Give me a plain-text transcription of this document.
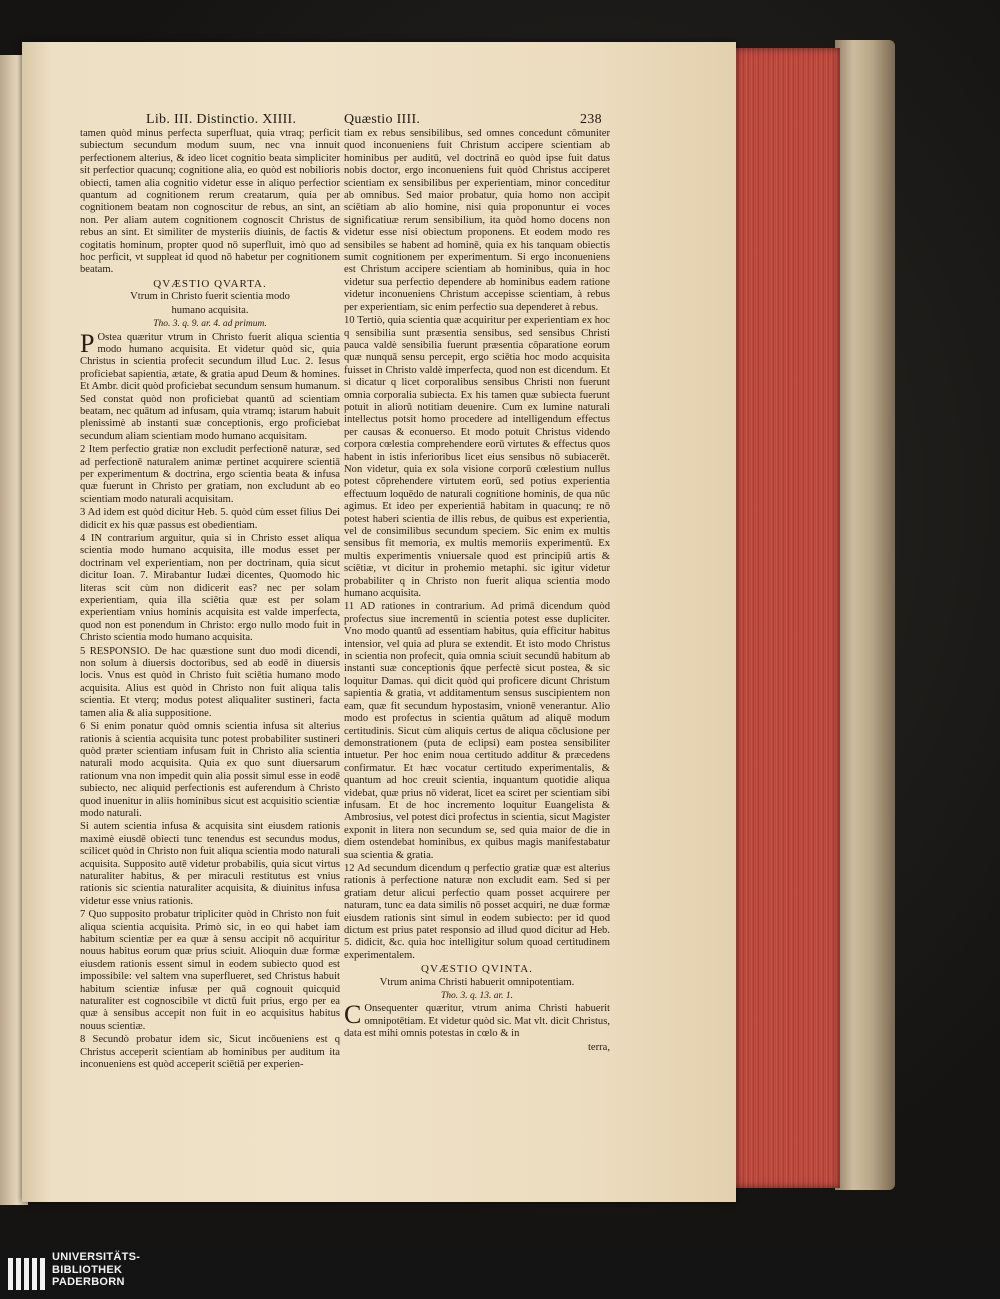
Lib. III. Distinctio. XIIII.	Quæstio IIII.	238

tamen quòd minus perfecta superfluat, quia vtraq; perficit subiectum secundum modum suum, nec vna innuit perfectionem alterius, & ideo licet cognitio beata simpliciter sit perfectior quacunq; cognitione alia, eo quòd est nobilioris obiecti, tamen alia cognitio videtur esse in aliquo perfectior quantum ad cognitionem rerum creatarum, quia per cognitionem beatam non cognoscitur de rebus, an sint, an non. Per aliam autem cognitionem cognoscit Christus de rebus an sint. Et similiter de mysteriis diuinis, de factis & cogitatis hominum, propter quod nō superfluit, imò quo ad hoc perficit, vt suppleat id quod nō habetur per cognitionem beatam.

QVÆSTIO QVARTA.

Vtrum in Christo fuerit scientia modo

humano acquisita.

Tho. 3. q. 9. ar. 4. ad primum.

P Ostea quæritur vtrum in Christo fuerit aliqua scientia modo humano acquisita. Et videtur quòd sic, quia Christus in scientia profecit secundum illud Luc. 2. Iesus proficiebat sapientia, ætate, & gratia apud Deum & homines. Et Ambr. dicit quòd proficiebat secundum sensum humanum. Sed constat quòd non proficiebat quantū ad scientiam beatam, nec quātum ad infusam, quia vtramq; istarum habuit plenissimè ab instanti suæ conceptionis, ergo proficiebat secundum aliam scientiam modo humano acquisitam.

2 Item perfectio gratiæ non excludit perfectionē naturæ, sed ad perfectionē naturalem animæ pertinet acquirere scientiā per experimentum & doctrina, ergo scientia beata & infusa quæ fuerunt in Christo per gratiam, non excludunt ab eo scientiam modo naturali acquisitam.

3 Ad idem est quòd dicitur Heb. 5. quòd cùm esset filius Dei didicit ex his quæ passus est obedientiam.

4 IN contrarium arguitur, quia si in Christo esset aliqua scientia modo humano acquisita, ille modus esset per doctrinam vel experientiam, non per doctrinam, quia sicut dicitur Ioan. 7. Mirabantur Iudæi dicentes, Quomodo hic literas scit cùm non didicerit eas? nec per solam experientiam, quia illa sciētia quæ est per solam experientiam vnius hominis acquisita est valde imperfecta, quod non est ponendum in Christo: ergo nullo modo fuit in Christo scientia modo humano acquisita.

5 RESPONSIO. De hac quæstione sunt duo modi dicendi, non solum à diuersis doctoribus, sed ab eodē in diuersis locis. Vnus est quòd in Christo fuit sciētia humano modo acquisita. Alius est quòd in Christo non fuit aliqua talis scientia. Et vterq; modus potest aliqualiter sustineri, facta tamen alia & alia suppositione.

6 Si enim ponatur quòd omnis scientia infusa sit alterius rationis à scientia acquisita tunc potest probabiliter sustineri quòd præter scientiam infusam fuit in Christo alia scientia naturali modo acquisita. Quia ex quo sunt diuersarum rationum vna non impedit quin alia possit simul esse in eodē subiecto, nec aliquid perfectionis est auferendum à Christo quod inuenitur in aliis hominibus sicut est acquisitio scientiæ modo naturali.

Si autem scientia infusa & acquisita sint eiusdem rationis maximè eiusdē obiecti tunc tenendus est secundus modus, scilicet quòd in Christo non fuit aliqua scientia modo naturali acquisita. Supposito autē videtur probabilis, quia sicut virtus naturaliter habitus, & per miraculi restitutus est vnius rationis sic scientia naturaliter acquisita, & diuinitus infusa videtur esse vnius rationis.

7 Quo supposito probatur tripliciter quòd in Christo non fuit aliqua scientia acquisita. Primò sic, in eo qui habet iam habitum scientiæ per ea quæ à sensu accipit nō acquiritur nouus habitus eorum quæ prius sciuit. Alioquin duæ formæ eiusdem rationis essent simul in eodem subiecto quod est impossibile: vel saltem vna superflueret, sed Christus habuit habitum scientiæ infusæ per quā cognouit quicquid naturaliter est cognoscibile vt dictū fuit prius, ergo per ea quæ à sensibus accepit non fuit in eo acquisitus habitus nouus scientiæ.

8 Secundò probatur idem sic, Sicut incōueniens est q Christus acceperit scientiam ab hominibus per auditum ita inconueniens est quòd acceperit sciētiā per experien-

tiam ex rebus sensibilibus, sed omnes concedunt cōmuniter quod inconueniens fuit Christum accipere scientiam ab hominibus per auditū, vel doctrinā eo quòd ipse fuit datus nobis doctor, ergo inconueniens fuit quòd Christus acciperet scientiam ex sensibilibus per experientiam, minor conceditur ab omnibus. Sed maior probatur, quia homo non accipit sciētiam ab alio homine, nisi quia proponuntur ei voces significatiuæ rerum sensibilium, ita quòd homo docens non videtur esse nisi obiectum proponens. Et eodem modo res sensibiles se habent ad hominē, quia ex his tanquam obiectis sumit cognitionem per experimentum. Si ergo inconueniens est Christum accipere scientiam ab hominibus, quia in hoc videtur sua perfectio dependere ab hominibus eadem ratione videtur inconueniens Christum accepisse scientiam, à rebus per experientiam, sic enim perfectio sua dependeret à rebus.

10 Tertiò, quia scientia quæ acquiritur per experientiam ex hoc q sensibilia sunt præsentia sensibus, sed sensibus Christi pauca valdè sensibilia fuerunt præsentia cōparatione eorum quæ nunquā sensu percepit, ergo sciētia hoc modo acquisita fuisset in Christo valdè imperfecta, quod non est dicendum. Et si dicatur q licet corporalibus sensibus Christi non fuerunt omnia corporalia subiecta. Ex his tamen quæ subiecta fuerunt potuit in aliorū notitiam deuenire. Cum ex lumine naturali intellectus potsit homo procedere ad intelligendum effectus per causas & econuerso. Et modo potuit Christus videndo corpora cœlestia comprehendere eorū virtutes & effectus quos habent in istis inferioribus licet eius sensibus nō subiacerēt. Non videtur, quia ex sola visione corporū cœlestium nullus potest cōprehendere virtutem eorū, sed potius experientia effectuum loquēdo de naturali cognitione hominis, de qua nūc agimus. Et ideo per experientiā habitam in quacunq; re nō potest haberi scientia de illis rebus, de quibus est experientia, vel de consimilibus secundum speciem. Sic enim ex multis sensibus fit memoria, ex multis memoriis experimentū. Ex multis experimentis vniuersale quod est principiū artis & sciētiæ, vt dicitur in prohemio metaphi. sic igitur videtur probabiliter q in Christo non fuerit aliqua scientia modo humano acquisita.

11 AD rationes in contrarium. Ad primā dicendum quòd profectus siue incrementū in scientia potest esse dupliciter. Vno modo quantū ad essentiam habitus, quia efficitur habitus intensior, vel quia ad plura se extendit. Et isto modo Christus in scientia non profecit, quia omnia sciuit secundū habitum ab instanti suæ conceptionis q̄que perfectè sicut postea, & sic loquitur Damas. qui dicit quòd qui proficere dicunt Christum sapientia & gratia, vt additamentum sensus suscipientem non eam, quæ fit secundum hypostasim, vnionē venerantur. Alio modo est profectus in scientia quātum ad aliquē modum certitudinis. Sicut cùm aliquis certus de aliqua cōclusione per demonstrationem (puta de eclipsi) eam postea sensibiliter intuetur. Per hoc enim noua certitudo additur & præcedens confirmatur. Et hæc vocatur certitudo experimentalis, & quantum ad hoc creuit scientia, inquantum quotidie aliqua videbat, quæ prius nō viderat, licet ea sciret per scientiam sibi infusam. Et de hoc incremento loquitur Euangelista & Ambrosius, vel potest dici profectus in scientia, sicut Magister exponit in litera non secundum se, sed quia maior de die in diem ostendebat hominibus, ex quibus magis manifestabatur sua scientia & gratia.

12 Ad secundum dicendum q perfectio gratiæ quæ est alterius rationis à perfectione naturæ non excludit eam. Sed si per gratiam detur alicui perfectio quam posset acquirere per naturam, tunc ea data similis nō posset acquiri, ne duæ formæ eiusdem rationis sint simul in eodem subiecto: per id quod dictum est prius patet responsio ad illud quod dicitur ad Heb. 5. didicit, &c. quia hoc intelligitur solum quoad certitudinem experimentalem.

QVÆSTIO QVINTA.

Vtrum anima Christi habuerit omnipotentiam.

Tho. 3. q. 13. ar. 1.

C Onsequenter quæritur, vtrum anima Christi habuerit omnipotētiam. Et videtur quòd sic. Mat vlt. dicit Christus, data est mihi omnis potestas in cœlo & in

terra,

UNIVERSITÄTS-
BIBLIOTHEK
PADERBORN
